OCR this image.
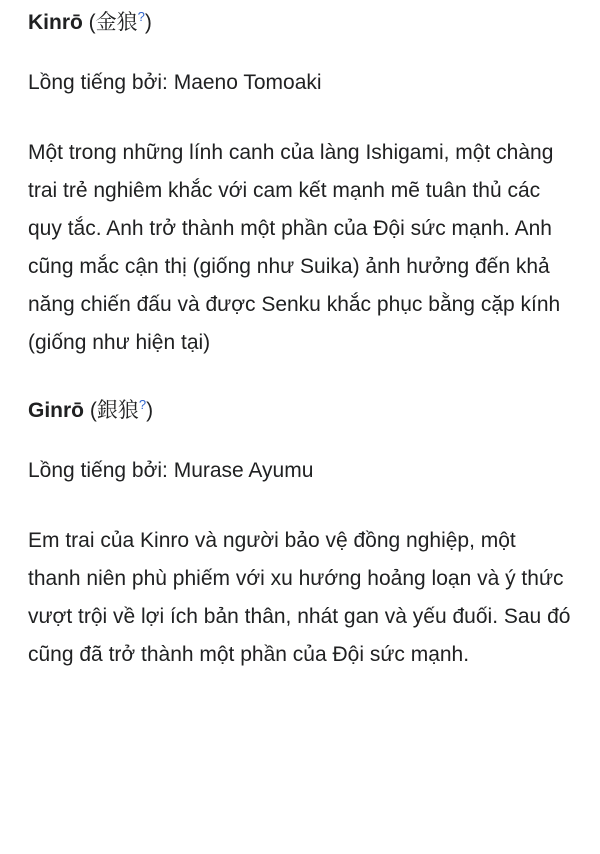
Kinrō (金狼?)

Lồng tiếng bởi: Maeno Tomoaki

Một trong những lính canh của làng Ishigami, một chàng trai trẻ nghiêm khắc với cam kết mạnh mẽ tuân thủ các quy tắc. Anh trở thành một phần của Đội sức mạnh. Anh cũng mắc cận thị (giống như Suika) ảnh hưởng đến khả năng chiến đấu và được Senku khắc phục bằng cặp kính (giống như hiện tại)

Ginrō (銀狼?)

Lồng tiếng bởi: Murase Ayumu

Em trai của Kinro và người bảo vệ đồng nghiệp, một thanh niên phù phiếm với xu hướng hoảng loạn và ý thức vượt trội về lợi ích bản thân, nhát gan và yếu đuối. Sau đó cũng đã trở thành một phần của Đội sức mạnh.
